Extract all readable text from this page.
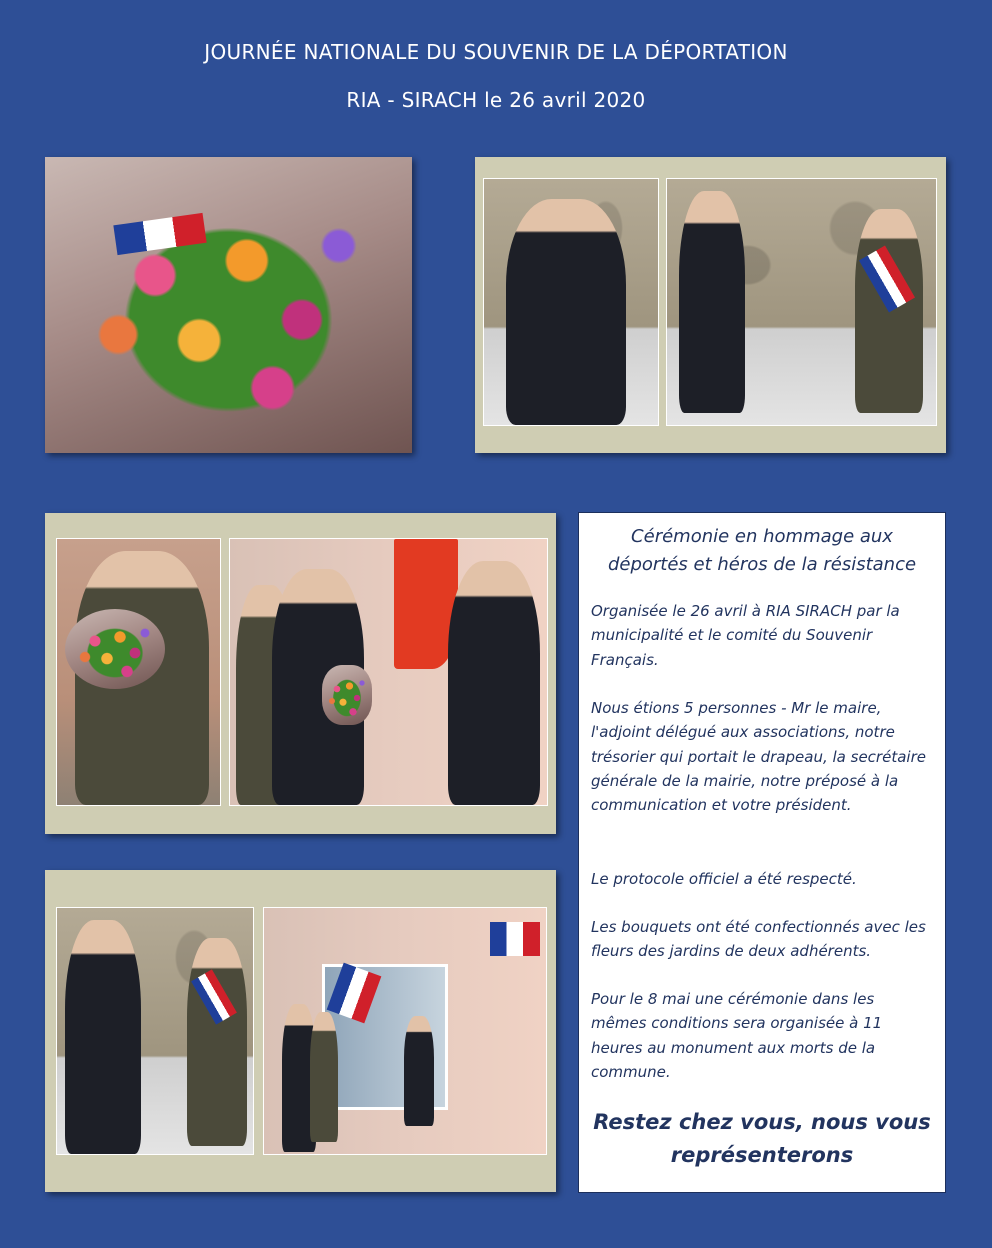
JOURNÉE NATIONALE DU SOUVENIR DE LA DÉPORTATION
RIA - SIRACH le 26 avril 2020
Cérémonie en hommage aux
déportés et héros de la résistance
Organisée le 26 avril à RIA SIRACH par la municipalité et le comité du Souvenir Français.
Nous étions 5 personnes - Mr le maire, l'adjoint délégué aux associations, notre trésorier qui portait le drapeau, la secrétaire générale de la mairie, notre préposé à la communication et votre président.
Le protocole officiel a été respecté.
Les bouquets ont été confectionnés avec les fleurs des jardins de deux adhérents.
Pour le 8 mai une cérémonie dans les mêmes conditions sera organisée à 11 heures au monument aux morts de la commune.
Restez chez vous, nous vous
représenterons
